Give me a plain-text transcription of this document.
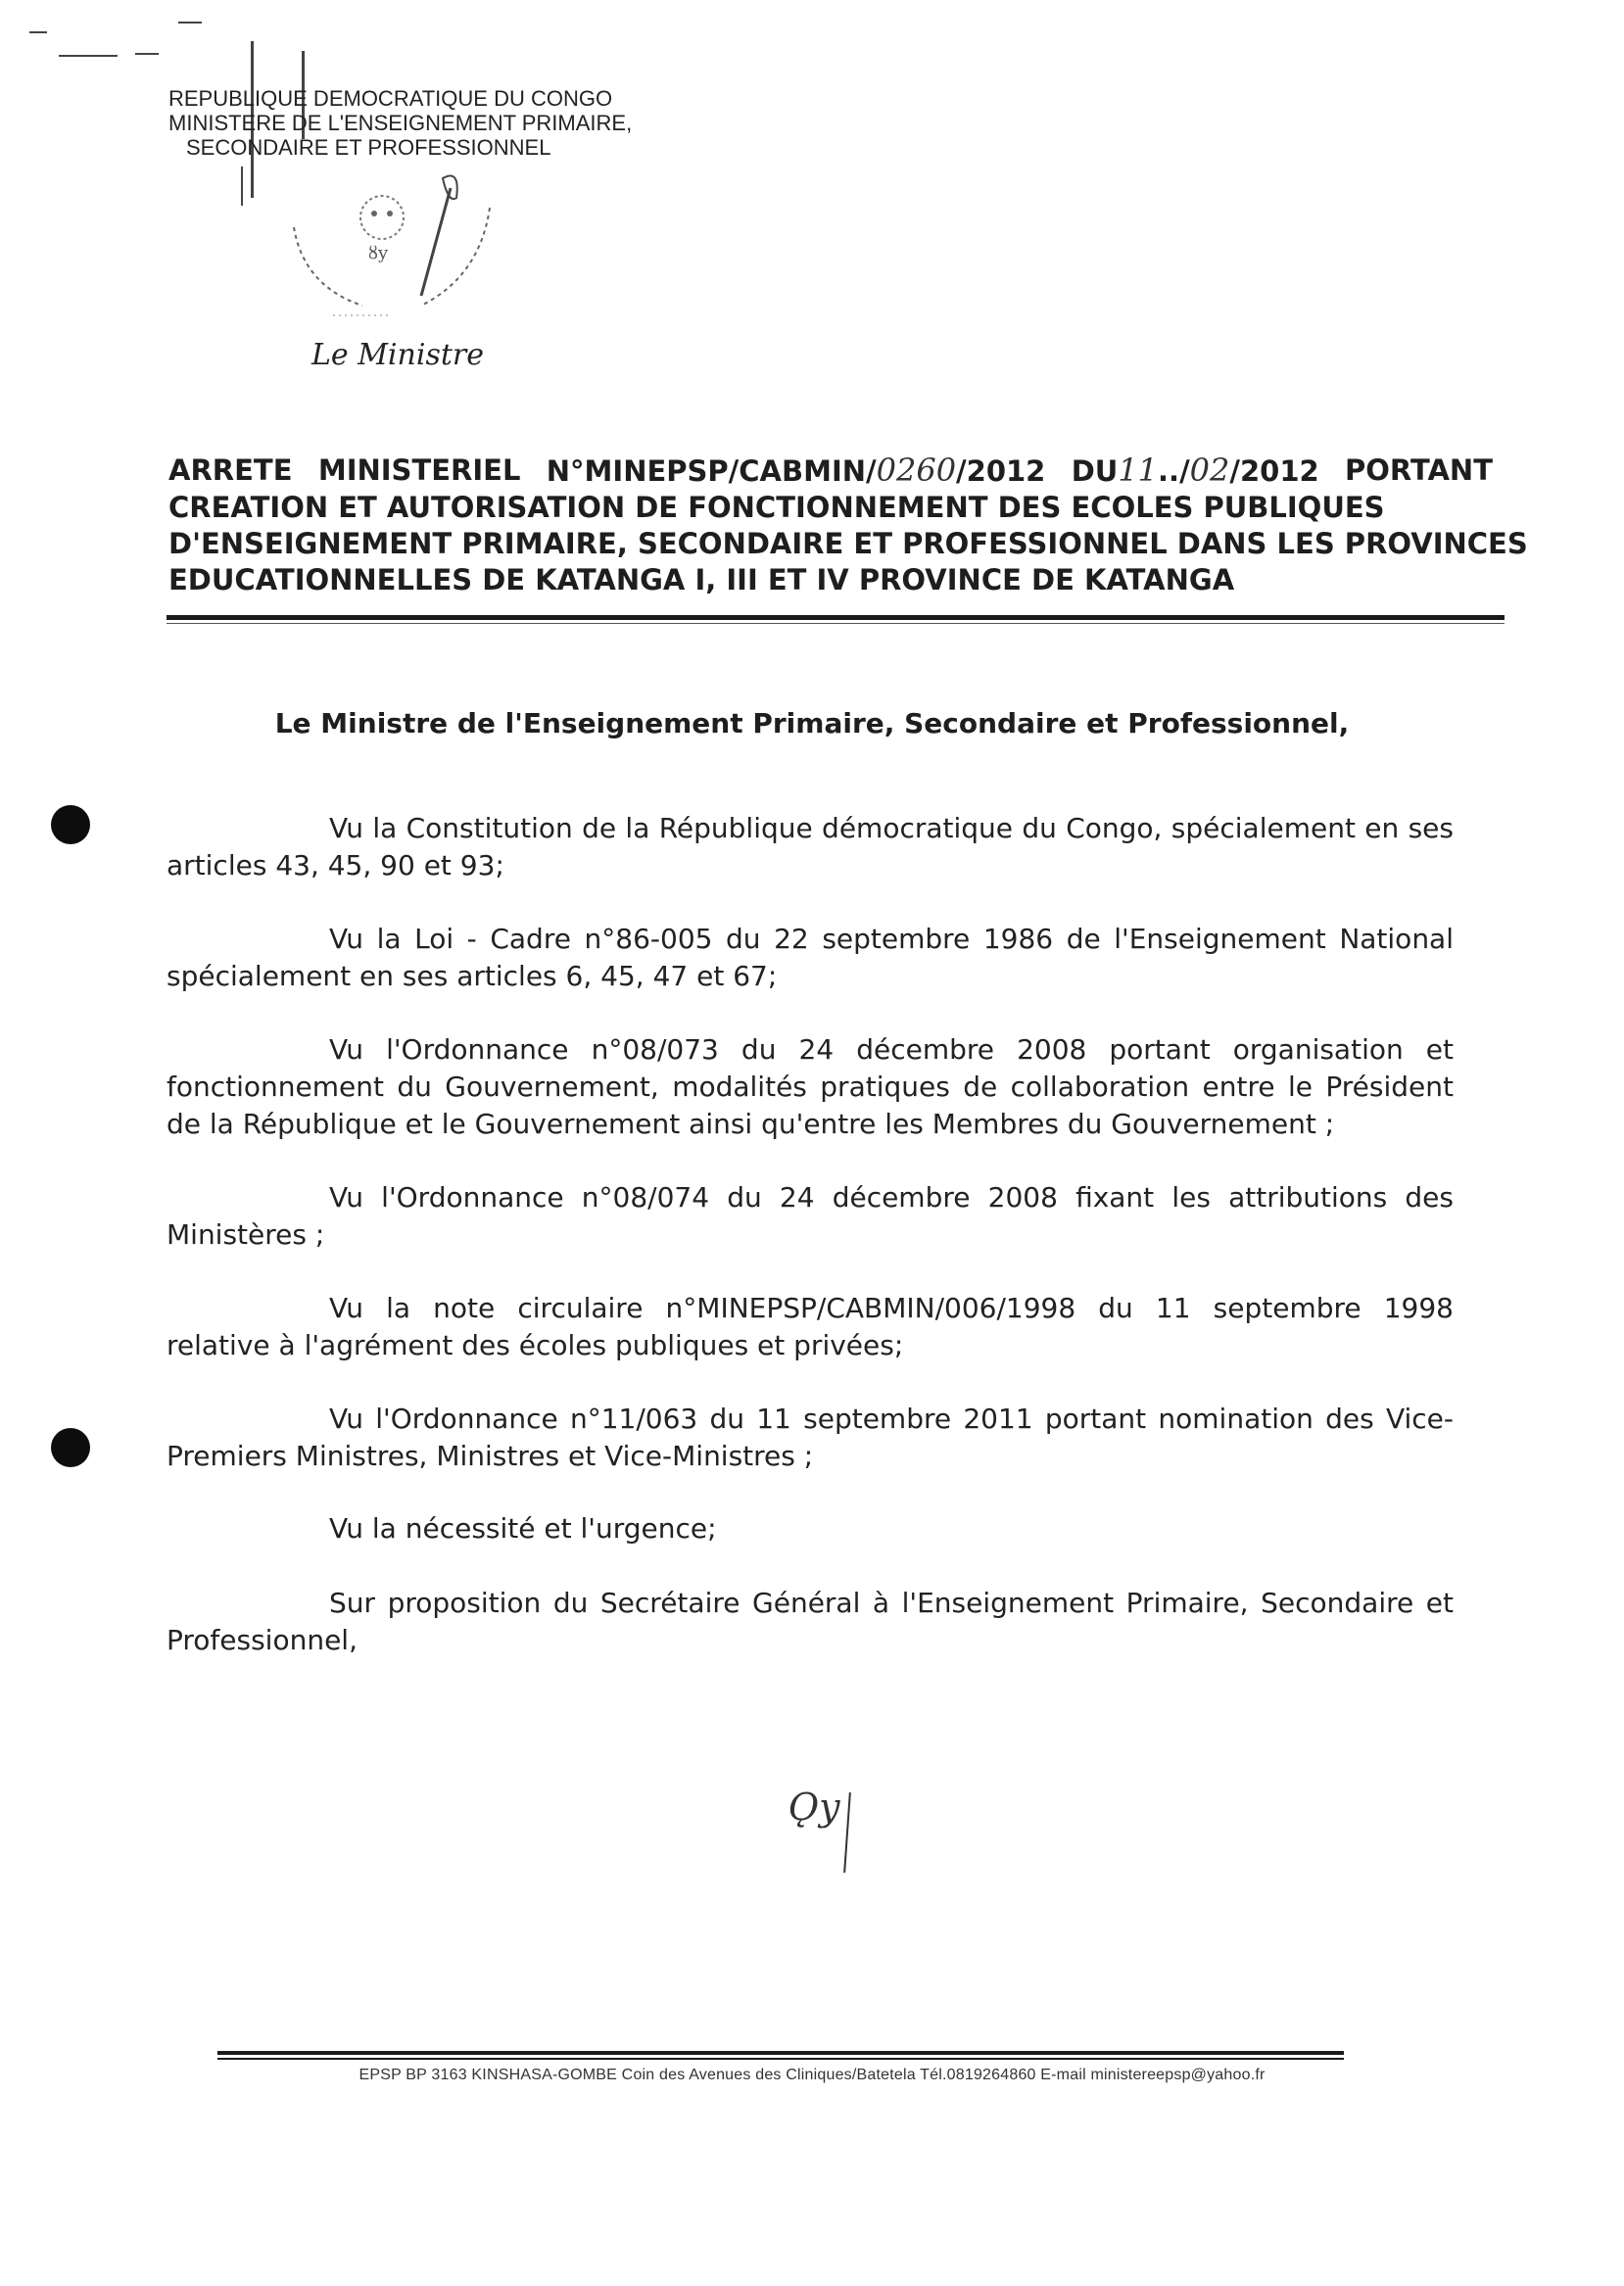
REPUBLIQUE DEMOCRATIQUE DU CONGO
MINISTERE DE L'ENSEIGNEMENT PRIMAIRE,
SECONDAIRE ET PROFESSIONNEL
ȣy
Le Ministre
ARRETE MINISTERIEL N°MINEPSP/CABMIN/0260/2012 DU11../02/2012 PORTANT
CREATION ET AUTORISATION DE FONCTIONNEMENT DES ECOLES PUBLIQUES
D'ENSEIGNEMENT PRIMAIRE, SECONDAIRE ET PROFESSIONNEL DANS LES PROVINCES
EDUCATIONNELLES DE KATANGA I, III ET IV PROVINCE DE KATANGA
Le Ministre de l'Enseignement Primaire, Secondaire et Professionnel,
Vu la Constitution de la République démocratique du Congo, spécialement en ses articles 43, 45, 90 et 93;
Vu la Loi - Cadre n°86-005 du 22 septembre 1986 de l'Enseignement National spécialement en ses articles 6, 45, 47 et 67;
Vu l'Ordonnance n°08/073 du 24 décembre 2008 portant organisation et fonctionnement du Gouvernement, modalités pratiques de collaboration entre le Président de la République et le Gouvernement ainsi qu'entre les Membres du Gouvernement ;
Vu l'Ordonnance n°08/074 du 24 décembre 2008 fixant les attributions des Ministères ;
Vu la note circulaire n°MINEPSP/CABMIN/006/1998 du 11 septembre 1998 relative à l'agrément des écoles publiques et privées;
Vu l'Ordonnance n°11/063 du 11 septembre 2011 portant nomination des Vice-Premiers Ministres, Ministres et Vice-Ministres ;
Vu la nécessité et l'urgence;
Sur proposition du Secrétaire Général à l'Enseignement Primaire, Secondaire et Professionnel,
Ǫy
EPSP BP 3163 KINSHASA-GOMBE Coin des Avenues des Cliniques/Batetela Tél.0819264860 E-mail ministereepsp@yahoo.fr
